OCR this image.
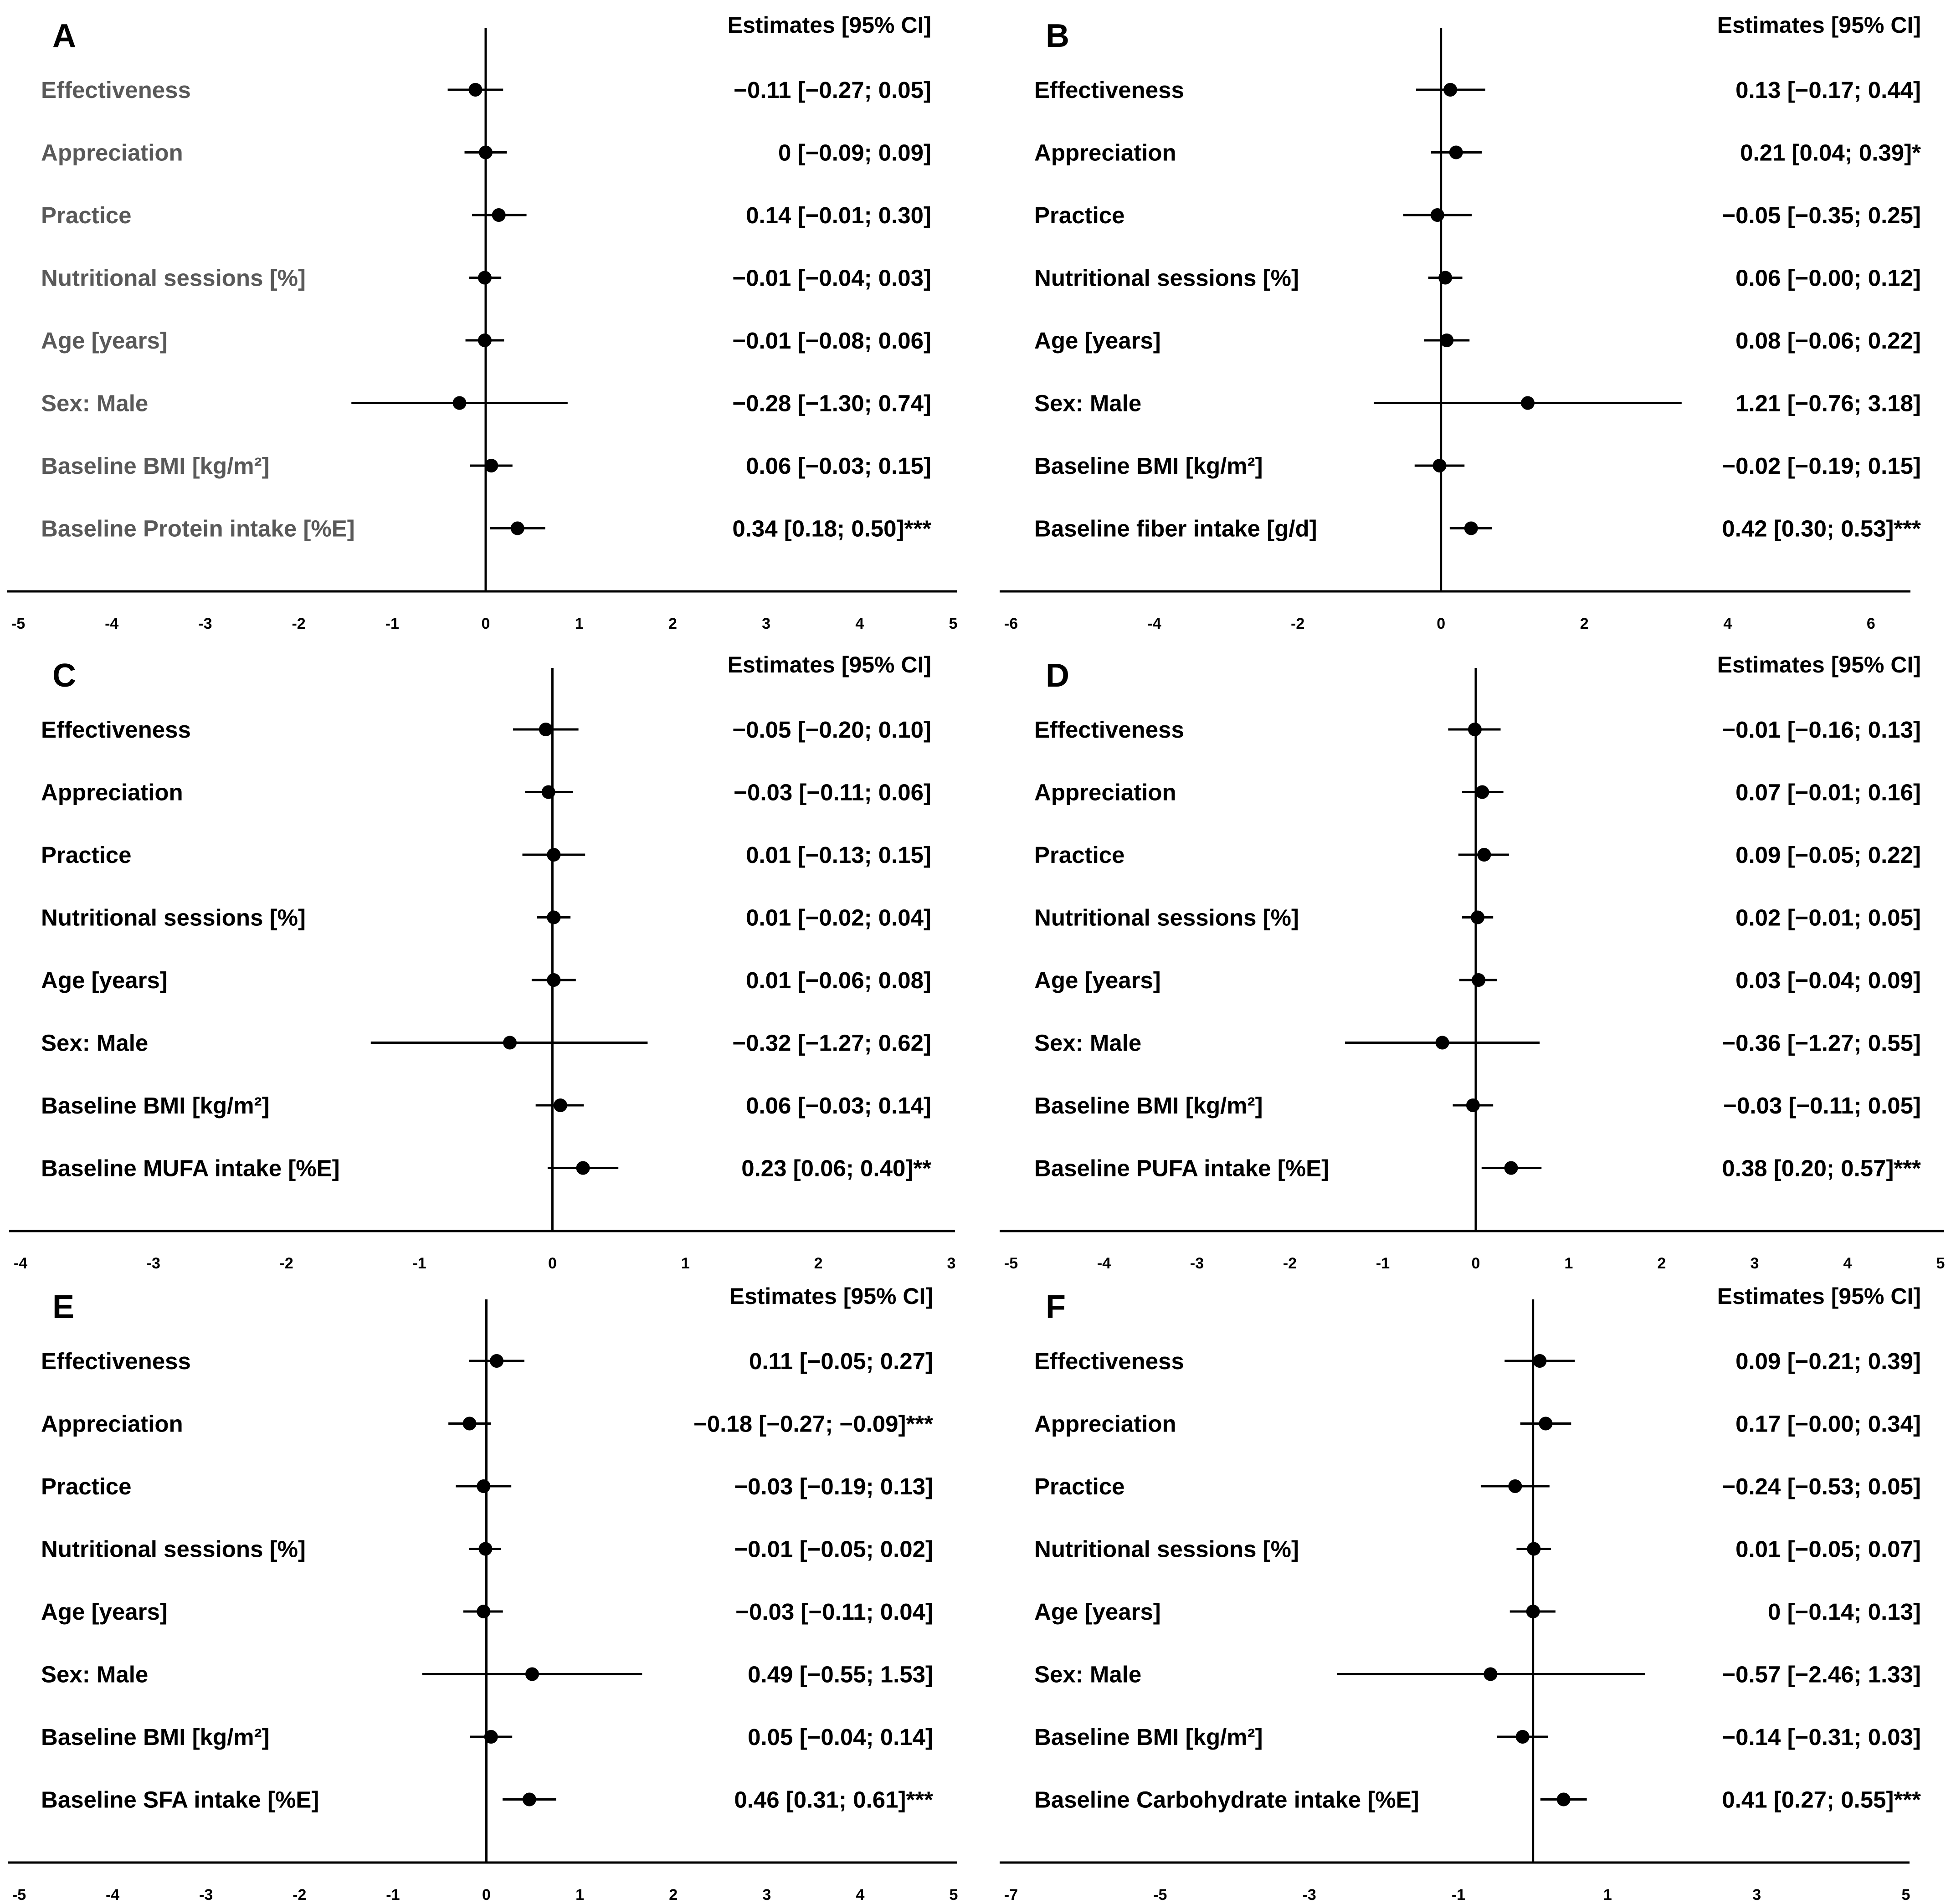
A	Estimates [95% CI]
-5	-4	-3	-2	-1	0	1	2	3	4	5
Effectiveness	−0.11 [−0.27; 0.05]
Appreciation	0 [−0.09; 0.09]
Practice	0.14 [−0.01; 0.30]
Nutritional sessions [%]	−0.01 [−0.04; 0.03]
Age [years]	−0.01 [−0.08; 0.06]
Sex: Male	−0.28 [−1.30; 0.74]
Baseline BMI [kg/m²]	0.06 [−0.03; 0.15]
Baseline Protein intake [%E]	0.34 [0.18; 0.50]***
B	Estimates [95% CI]
-6	-4	-2	0	2	4	6
Effectiveness	0.13 [−0.17; 0.44]
Appreciation	0.21 [0.04; 0.39]*
Practice	−0.05 [−0.35; 0.25]
Nutritional sessions [%]	0.06 [−0.00; 0.12]
Age [years]	0.08 [−0.06; 0.22]
Sex: Male	1.21 [−0.76; 3.18]
Baseline BMI [kg/m²]	−0.02 [−0.19; 0.15]
Baseline fiber intake [g/d]	0.42 [0.30; 0.53]***
C	Estimates [95% CI]
-4	-3	-2	-1	0	1	2	3
Effectiveness	−0.05 [−0.20; 0.10]
Appreciation	−0.03 [−0.11; 0.06]
Practice	0.01 [−0.13; 0.15]
Nutritional sessions [%]	0.01 [−0.02; 0.04]
Age [years]	0.01 [−0.06; 0.08]
Sex: Male	−0.32 [−1.27; 0.62]
Baseline BMI [kg/m²]	0.06 [−0.03; 0.14]
Baseline MUFA intake [%E]	0.23 [0.06; 0.40]**
D	Estimates [95% CI]
-5	-4	-3	-2	-1	0	1	2	3	4	5
Effectiveness	−0.01 [−0.16; 0.13]
Appreciation	0.07 [−0.01; 0.16]
Practice	0.09 [−0.05; 0.22]
Nutritional sessions [%]	0.02 [−0.01; 0.05]
Age [years]	0.03 [−0.04; 0.09]
Sex: Male	−0.36 [−1.27; 0.55]
Baseline BMI [kg/m²]	−0.03 [−0.11; 0.05]
Baseline PUFA intake [%E]	0.38 [0.20; 0.57]***
E	Estimates [95% CI]
-5	-4	-3	-2	-1	0	1	2	3	4	5
Effectiveness	0.11 [−0.05; 0.27]
Appreciation	−0.18 [−0.27; −0.09]***
Practice	−0.03 [−0.19; 0.13]
Nutritional sessions [%]	−0.01 [−0.05; 0.02]
Age [years]	−0.03 [−0.11; 0.04]
Sex: Male	0.49 [−0.55; 1.53]
Baseline BMI [kg/m²]	0.05 [−0.04; 0.14]
Baseline SFA intake [%E]	0.46 [0.31; 0.61]***
F	Estimates [95% CI]
-7	-5	-3	-1	1	3	5
Effectiveness	0.09 [−0.21; 0.39]
Appreciation	0.17 [−0.00; 0.34]
Practice	−0.24 [−0.53; 0.05]
Nutritional sessions [%]	0.01 [−0.05; 0.07]
Age [years]	0 [−0.14; 0.13]
Sex: Male	−0.57 [−2.46; 1.33]
Baseline BMI [kg/m²]	−0.14 [−0.31; 0.03]
Baseline Carbohydrate intake [%E]	0.41 [0.27; 0.55]***
